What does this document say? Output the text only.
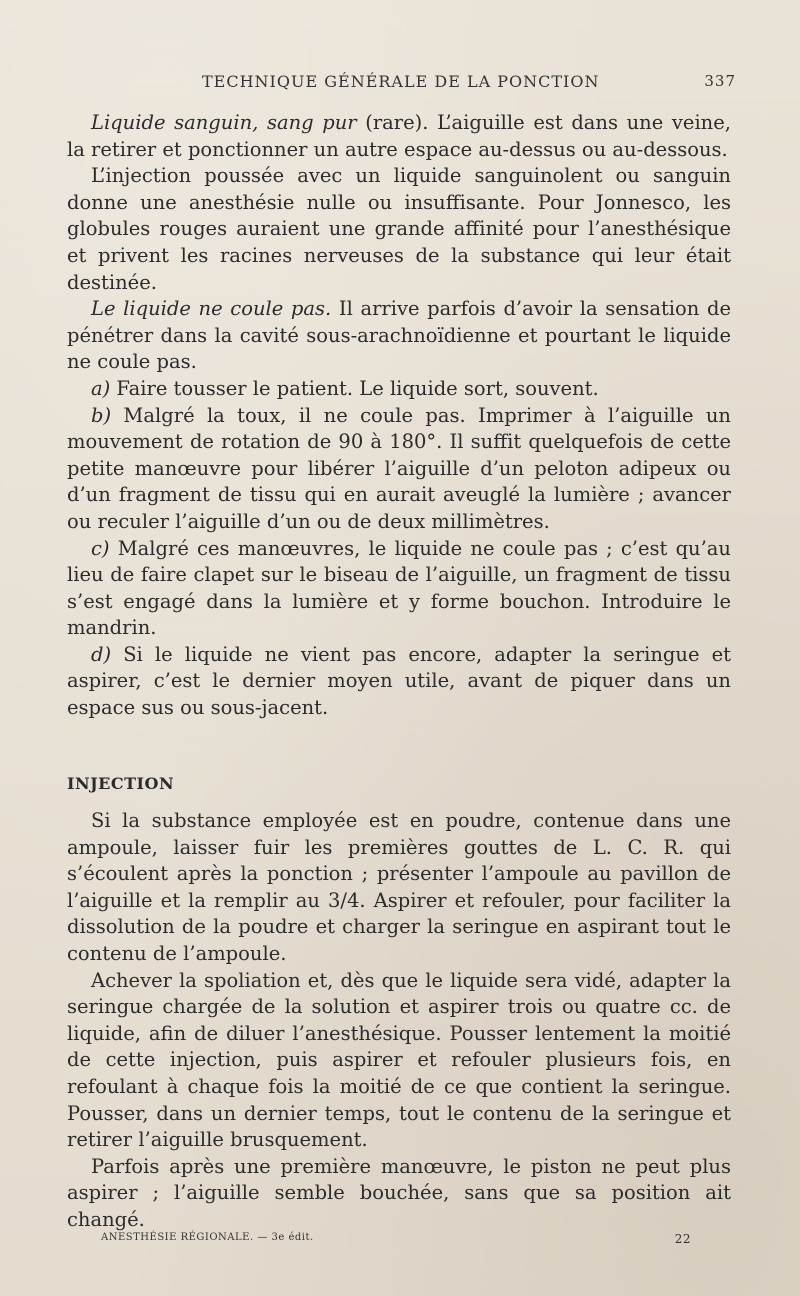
TECHNIQUE GÉNÉRALE DE LA PONCTION	337

Liquide sanguin, sang pur (rare). L’aiguille est dans une veine, la retirer et ponctionner un autre espace au-dessus ou au-dessous.

L’injection poussée avec un liquide sanguinolent ou sanguin donne une anesthésie nulle ou insuffisante. Pour Jonnesco, les globules rouges auraient une grande affinité pour l’anesthésique et privent les racines nerveuses de la substance qui leur était destinée.

Le liquide ne coule pas. Il arrive parfois d’avoir la sensation de pénétrer dans la cavité sous-arachnoïdienne et pourtant le liquide ne coule pas.

a) Faire tousser le patient. Le liquide sort, souvent.

b) Malgré la toux, il ne coule pas. Imprimer à l’aiguille un mouvement de rotation de 90 à 180°. Il suffit quelquefois de cette petite manœuvre pour libérer l’aiguille d’un peloton adipeux ou d’un fragment de tissu qui en aurait aveuglé la lumière ; avancer ou reculer l’aiguille d’un ou de deux millimètres.

c) Malgré ces manœuvres, le liquide ne coule pas ; c’est qu’au lieu de faire clapet sur le biseau de l’aiguille, un fragment de tissu s’est engagé dans la lumière et y forme bouchon. Introduire le mandrin.

d) Si le liquide ne vient pas encore, adapter la seringue et aspirer, c’est le dernier moyen utile, avant de piquer dans un espace sus ou sous-jacent.

INJECTION

Si la substance employée est en poudre, contenue dans une ampoule, laisser fuir les premières gouttes de L. C. R. qui s’écoulent après la ponction ; présenter l’ampoule au pavillon de l’aiguille et la remplir au 3/4. Aspirer et refouler, pour faciliter la dissolution de la poudre et charger la seringue en aspirant tout le contenu de l’ampoule.

Achever la spoliation et, dès que le liquide sera vidé, adapter la seringue chargée de la solution et aspirer trois ou quatre cc. de liquide, afin de diluer l’anesthésique. Pousser lentement la moitié de cette injection, puis aspirer et refouler plusieurs fois, en refoulant à chaque fois la moitié de ce que contient la seringue. Pousser, dans un dernier temps, tout le contenu de la seringue et retirer l’aiguille brusquement.

Parfois après une première manœuvre, le piston ne peut plus aspirer ; l’aiguille semble bouchée, sans que sa position ait changé.

ANESTHÉSIE RÉGIONALE. — 3e édit.	22
